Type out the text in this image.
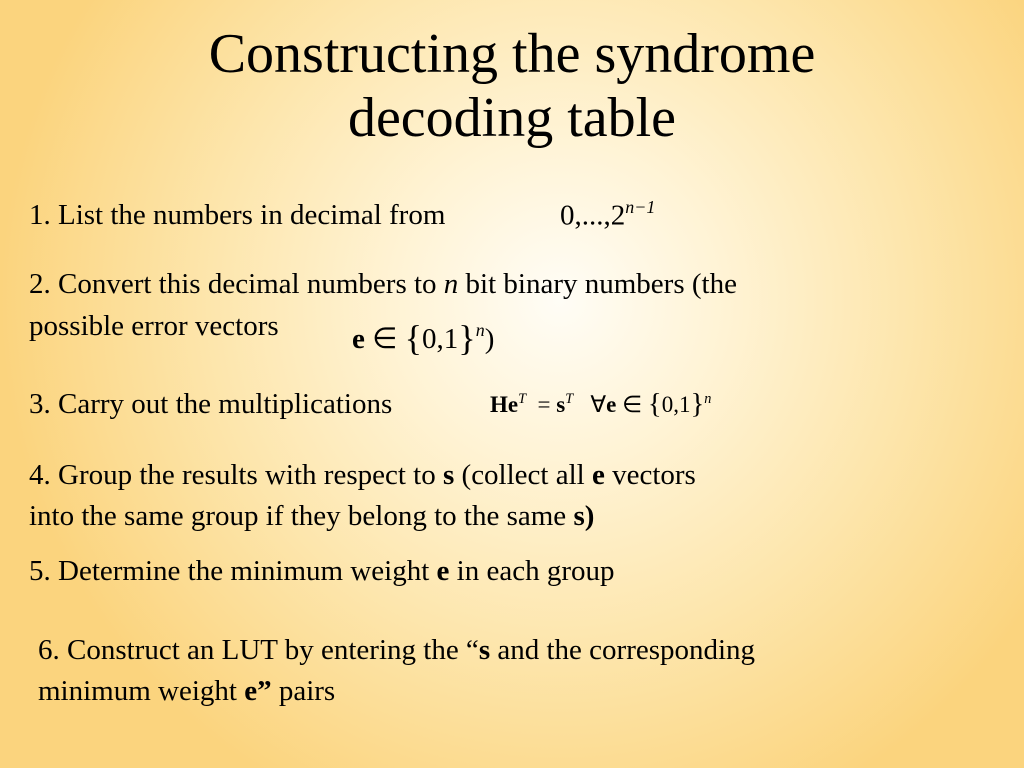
Constructing the syndrome
decoding table
1. List the numbers in decimal from	$0,...,2^{n-1}$
2. Convert this decimal numbers to n bit binary numbers (the
possible error vectors	e ∈ $\{0,1\}^n$)
3. Carry out the multiplications	$He^T = s^T$ ∀e ∈ $\{0,1\}^n$
4. Group the results with respect to s (collect all e vectors
into the same group if they belong to the same s)
5. Determine the minimum weight e in each group
6. Construct an LUT by entering the “s and the corresponding
minimum weight e” pairs
